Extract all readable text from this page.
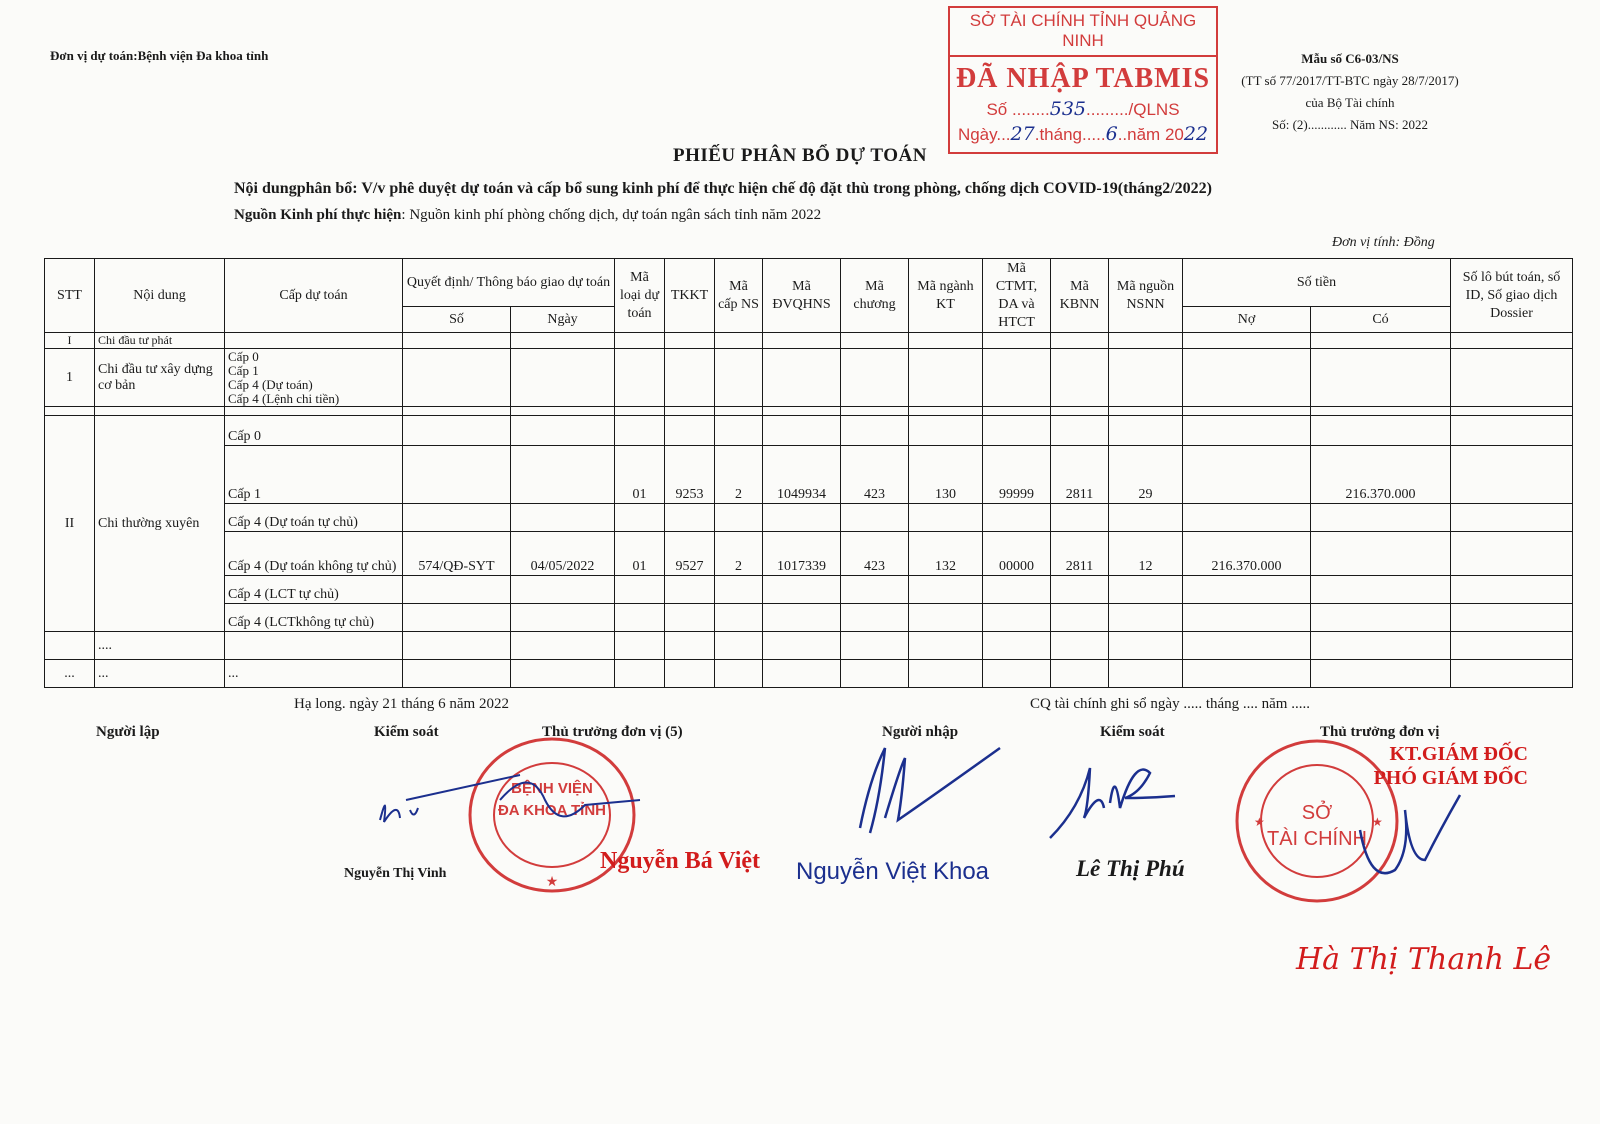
Đơn vị dự toán:Bệnh viện Đa khoa tỉnh	Mẫu số C6-03/NS
(TT số 77/2017/TT-BTC ngày 28/7/2017)
của Bộ Tài chính
Số: (2)............ Năm NS: 2022
SỞ TÀI CHÍNH TỈNH QUẢNG NINH
ĐÃ NHẬP TABMIS
Số ........535........./QLNS
Ngày...27.tháng.....6..năm 2022
PHIẾU PHÂN BỔ DỰ TOÁN
Nội dungphân bổ: V/v phê duyệt dự toán và cấp bổ sung kinh phí để thực hiện chế độ đặt thù trong phòng, chống dịch COVID-19(tháng2/2022)
Nguồn Kinh phí thực hiện: Nguồn kinh phí phòng chống dịch, dự toán ngân sách tỉnh năm 2022
Đơn vị tính: Đồng
STT	Nội dung	Cấp dự toán	Quyết định/ Thông báo giao dự toán		Mã loại dự toán	TKKT	Mã cấp NS	Mã ĐVQHNS	Mã chương	Mã ngành KT	Mã CTMT, DA và HTCT	Mã KBNN	Mã nguồn NSNN	Số tiền		Số lô bút toán, số ID, Số giao dịch Dossier
			Số	Ngày										Nợ	Có	
I	Chi đầu tư phát															
1	Chi đầu tư xây dựng cơ bản	Cấp 0
Cấp 1
Cấp 4 (Dự toán)
Cấp 4 (Lệnh chi tiền)														

II	Chi thường xuyên	Cấp 0														
		Cấp 1			01	9253	2	1049934	423	130	99999	2811	29		216.370.000	
		Cấp 4 (Dự toán tự chủ)														
		Cấp 4 (Dự toán không tự chủ)	574/QĐ-SYT	04/05/2022	01	9527	2	1017339	423	132	00000	2811	12	216.370.000		
		Cấp 4 (LCT tự chủ)														
		Cấp 4 (LCTkhông tự chủ)														
	....															
...	...	...														
Hạ long. ngày 21 tháng 6 năm 2022	CQ tài chính ghi sổ ngày ..... tháng .... năm .....
Người lập	Kiểm soát	Thủ trưởng đơn vị (5)	Người nhập	Kiểm soát	Thủ trưởng đơn vị
★
BỆNH VIỆN
ĐA KHOA TỈNH
★	★
SỞ
TÀI CHÍNH
KT.GIÁM ĐỐC
PHÓ GIÁM ĐỐC
Nguyễn Thị Vinh	Nguyễn Bá Việt Nguyễn Việt Khoa	Lê Thị Phú
Hà Thị Thanh Lê
